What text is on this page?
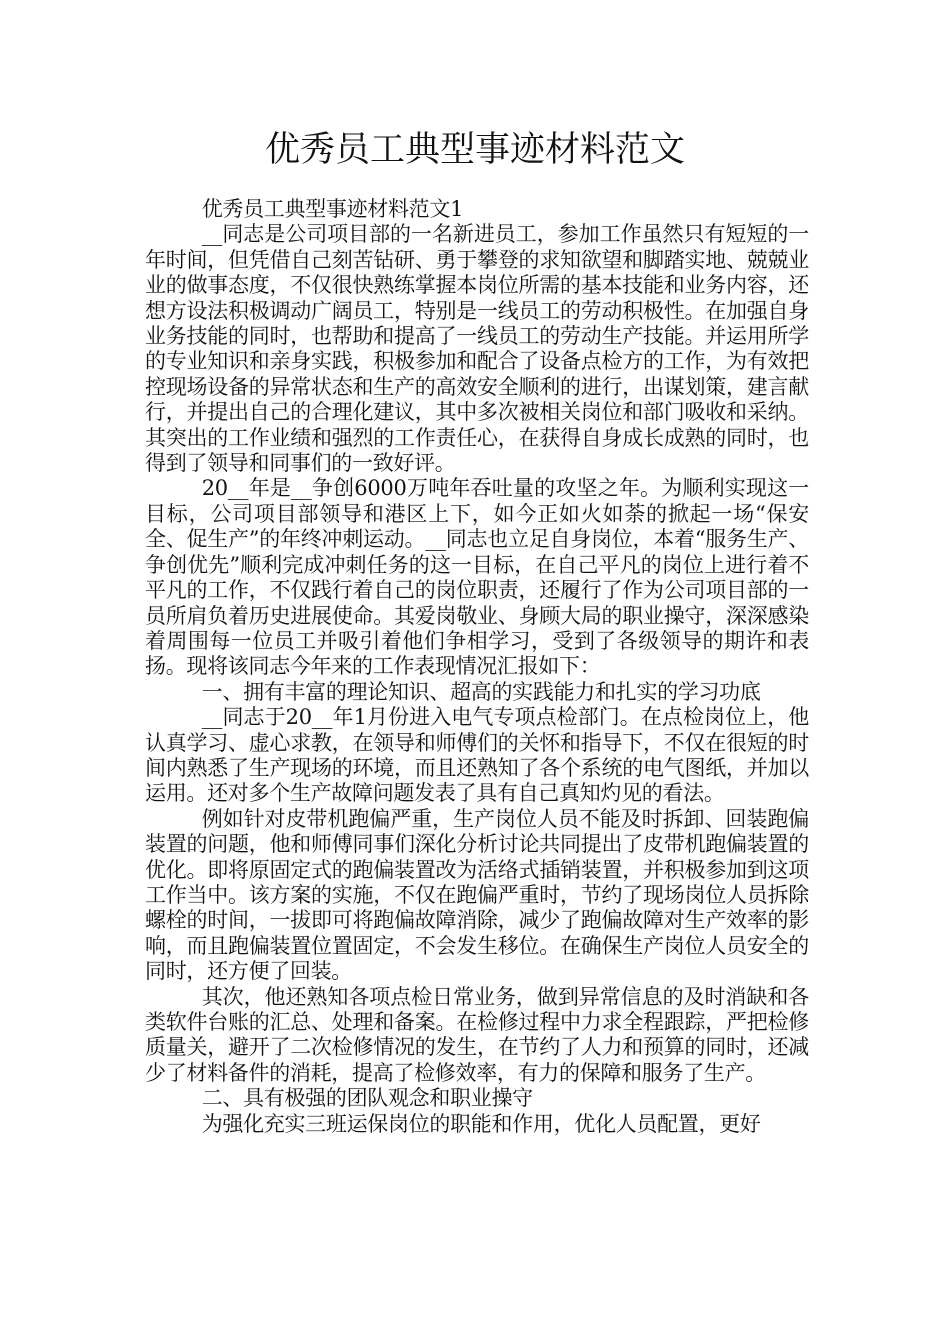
优秀员工典型事迹材料范文

优秀员工典型事迹材料范文1

__同志是公司项目部的一名新进员工，参加工作虽然只有短短的一年时间，但凭借自己刻苦钻研、勇于攀登的求知欲望和脚踏实地、兢兢业业的做事态度，不仅很快熟练掌握本岗位所需的基本技能和业务内容，还想方设法积极调动广阔员工，特别是一线员工的劳动积极性。在加强自身业务技能的同时，也帮助和提高了一线员工的劳动生产技能。并运用所学的专业知识和亲身实践，积极参加和配合了设备点检方的工作，为有效把控现场设备的异常状态和生产的高效安全顺利的进行，出谋划策，建言献行，并提出自己的合理化建议，其中多次被相关岗位和部门吸收和采纳。其突出的工作业绩和强烈的工作责任心，在获得自身成长成熟的同时，也得到了领导和同事们的一致好评。

20__年是__争创6000万吨年吞吐量的攻坚之年。为顺利实现这一目标，公司项目部领导和港区上下，如今正如火如荼的掀起一场“保安全、促生产”的年终冲刺运动。__同志也立足自身岗位，本着“服务生产、争创优先”顺利完成冲刺任务的这一目标，在自己平凡的岗位上进行着不平凡的工作，不仅践行着自己的岗位职责，还履行了作为公司项目部的一员所肩负着历史进展使命。其爱岗敬业、身顾大局的职业操守，深深感染着周围每一位员工并吸引着他们争相学习，受到了各级领导的期许和表扬。现将该同志今年来的工作表现情况汇报如下：

一、拥有丰富的理论知识、超高的实践能力和扎实的学习功底

__同志于20__年1月份进入电气专项点检部门。在点检岗位上，他认真学习、虚心求教，在领导和师傅们的关怀和指导下，不仅在很短的时间内熟悉了生产现场的环境，而且还熟知了各个系统的电气图纸，并加以运用。还对多个生产故障问题发表了具有自己真知灼见的看法。

例如针对皮带机跑偏严重，生产岗位人员不能及时拆卸、回装跑偏装置的问题，他和师傅同事们深化分析讨论共同提出了皮带机跑偏装置的优化。即将原固定式的跑偏装置改为活络式插销装置，并积极参加到这项工作当中。该方案的实施，不仅在跑偏严重时，节约了现场岗位人员拆除螺栓的时间，一拔即可将跑偏故障消除，减少了跑偏故障对生产效率的影响，而且跑偏装置位置固定，不会发生移位。在确保生产岗位人员安全的同时，还方便了回装。

其次，他还熟知各项点检日常业务，做到异常信息的及时消缺和各类软件台账的汇总、处理和备案。在检修过程中力求全程跟踪，严把检修质量关，避开了二次检修情况的发生，在节约了人力和预算的同时，还减少了材料备件的消耗，提高了检修效率，有力的保障和服务了生产。

二、具有极强的团队观念和职业操守

为强化充实三班运保岗位的职能和作用，优化人员配置，更好
